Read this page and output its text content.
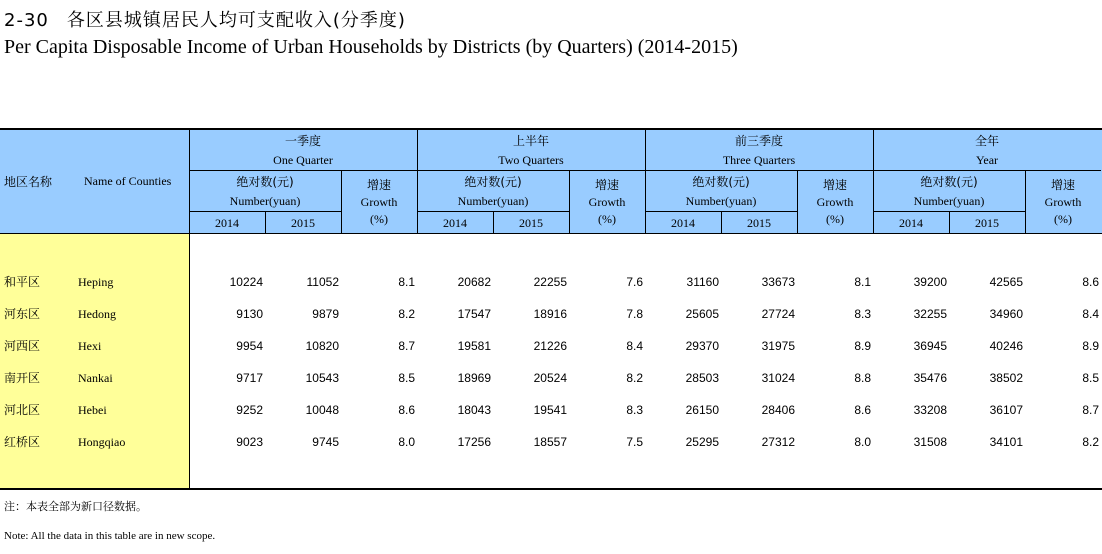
2-30 各区县城镇居民人均可支配收入(分季度)
Per Capita Disposable Income of Urban Households by Districts (by Quarters) (2014-2015)
地区名称	Name of Counties
一季度
One Quarter
绝对数(元)
Number(yuan)
2014	2015
增速
Growth
(%)
上半年
Two Quarters
绝对数(元)
Number(yuan)
2014	2015
增速
Growth
(%)
前三季度
Three Quarters
绝对数(元)
Number(yuan)
2014	2015
增速
Growth
(%)
全年
Year
绝对数(元)
Number(yuan)
2014	2015
增速
Growth
(%)
和平区	Heping	10224	11052	8.1	20682	22255	7.6	31160	33673	8.1	39200	42565	8.6
河东区	Hedong	9130	9879	8.2	17547	18916	7.8	25605	27724	8.3	32255	34960	8.4
河西区	Hexi	9954	10820	8.7	19581	21226	8.4	29370	31975	8.9	36945	40246	8.9
南开区	Nankai	9717	10543	8.5	18969	20524	8.2	28503	31024	8.8	35476	38502	8.5
河北区	Hebei	9252	10048	8.6	18043	19541	8.3	26150	28406	8.6	33208	36107	8.7
红桥区	Hongqiao	9023	9745	8.0	17256	18557	7.5	25295	27312	8.0	31508	34101	8.2
注：本表全部为新口径数据。
Note: All the data in this table are in new scope.
